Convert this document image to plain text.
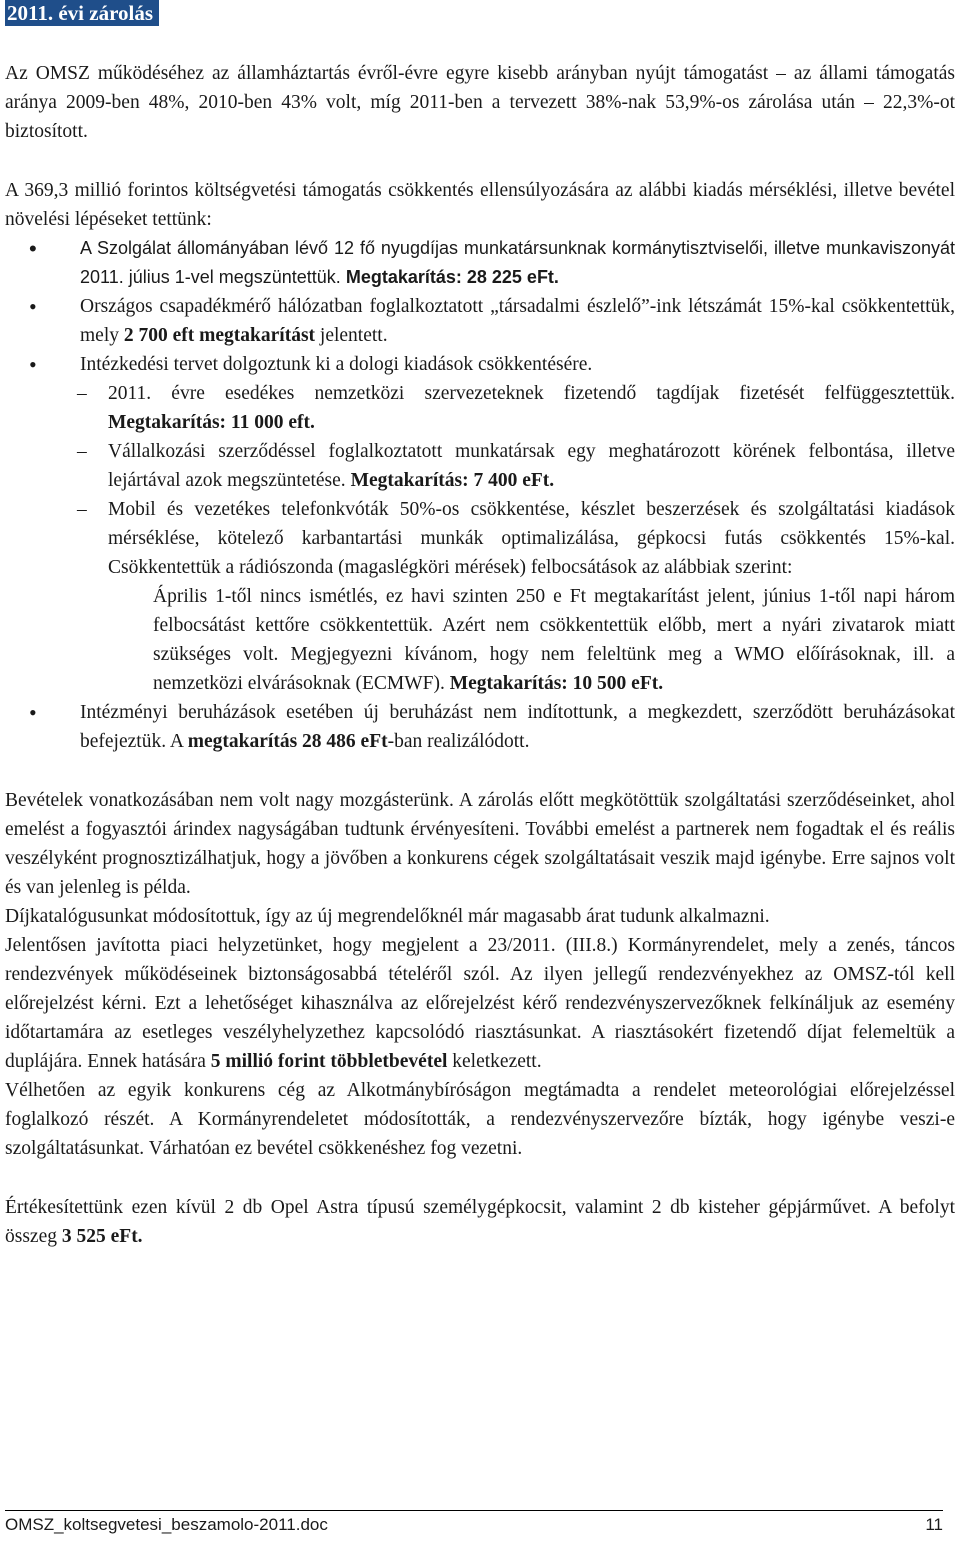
2011. évi zárolás

Az OMSZ működéséhez az államháztartás évről-évre egyre kisebb arányban nyújt támogatást – az állami támogatás aránya 2009-ben 48%, 2010-ben 43% volt, míg 2011-ben a tervezett 38%-nak 53,9%-os zárolása után – 22,3%-ot biztosított.

A 369,3 millió forintos költségvetési támogatás csökkentés ellensúlyozására az alábbi kiadás mérséklési, illetve bevétel növelési lépéseket tettünk:

• A Szolgálat állományában lévő 12 fő nyugdíjas munkatársunknak kormánytisztviselői, illetve munkaviszonyát 2011. július 1-vel megszüntettük. Megtakarítás: 28 225 eFt.
• Országos csapadékmérő hálózatban foglalkoztatott „társadalmi észlelő”-ink létszámát 15%-kal csökkentettük, mely 2 700 eft megtakarítást jelentett.
• Intézkedési tervet dolgoztunk ki a dologi kiadások csökkentésére.
– 2011. évre esedékes nemzetközi szervezeteknek fizetendő tagdíjak fizetését felfüggesztettük. Megtakarítás: 11 000 eft.
– Vállalkozási szerződéssel foglalkoztatott munkatársak egy meghatározott körének felbontása, illetve lejártával azok megszüntetése. Megtakarítás: 7 400 eFt.
– Mobil és vezetékes telefonkvóták 50%-os csökkentése, készlet beszerzések és szolgáltatási kiadások mérséklése, kötelező karbantartási munkák optimalizálása, gépkocsi futás csökkentés 15%-kal. Csökkentettük a rádiószonda (magaslégköri mérések) felbocsátások az alábbiak szerint:

Április 1-től nincs ismétlés, ez havi szinten 250 e Ft megtakarítást jelent, június 1-től napi három felbocsátást kettőre csökkentettük. Azért nem csökkentettük előbb, mert a nyári zivatarok miatt szükséges volt. Megjegyezni kívánom, hogy nem feleltünk meg a WMO előírásoknak, ill. a nemzetközi elvárásoknak (ECMWF). Megtakarítás: 10 500 eFt.

• Intézményi beruházások esetében új beruházást nem indítottunk, a megkezdett, szerződött beruházásokat befejeztük. A megtakarítás 28 486 eFt-ban realizálódott.

Bevételek vonatkozásában nem volt nagy mozgásterünk. A zárolás előtt megkötöttük szolgáltatási szerződéseinket, ahol emelést a fogyasztói árindex nagyságában tudtunk érvényesíteni. További emelést a partnerek nem fogadtak el és reális veszélyként prognosztizálhatjuk, hogy a jövőben a konkurens cégek szolgáltatásait veszik majd igénybe. Erre sajnos volt és van jelenleg is példa.

Díjkatalógusunkat módosítottuk, így az új megrendelőknél már magasabb árat tudunk alkalmazni.

Jelentősen javította piaci helyzetünket, hogy megjelent a 23/2011. (III.8.) Kormányrendelet, mely a zenés, táncos rendezvények működéseinek biztonságosabbá tételéről szól. Az ilyen jellegű rendezvényekhez az OMSZ-tól kell előrejelzést kérni. Ezt a lehetőséget kihasználva az előrejelzést kérő rendezvényszervezőknek felkínáljuk az esemény időtartamára az esetleges veszélyhelyzethez kapcsolódó riasztásunkat. A riasztásokért fizetendő díjat felemeltük a duplájára. Ennek hatására 5 millió forint többletbevétel keletkezett.

Vélhetően az egyik konkurens cég az Alkotmánybíróságon megtámadta a rendelet meteorológiai előrejelzéssel foglalkozó részét. A Kormányrendeletet módosították, a rendezvényszervezőre bízták, hogy igénybe veszi-e szolgáltatásunkat. Várhatóan ez bevétel csökkenéshez fog vezetni.

Értékesítettünk ezen kívül 2 db Opel Astra típusú személygépkocsit, valamint 2 db kisteher gépjárművet. A befolyt összeg 3 525 eFt.

OMSZ_koltsegvetesi_beszamolo-2011.doc	11
